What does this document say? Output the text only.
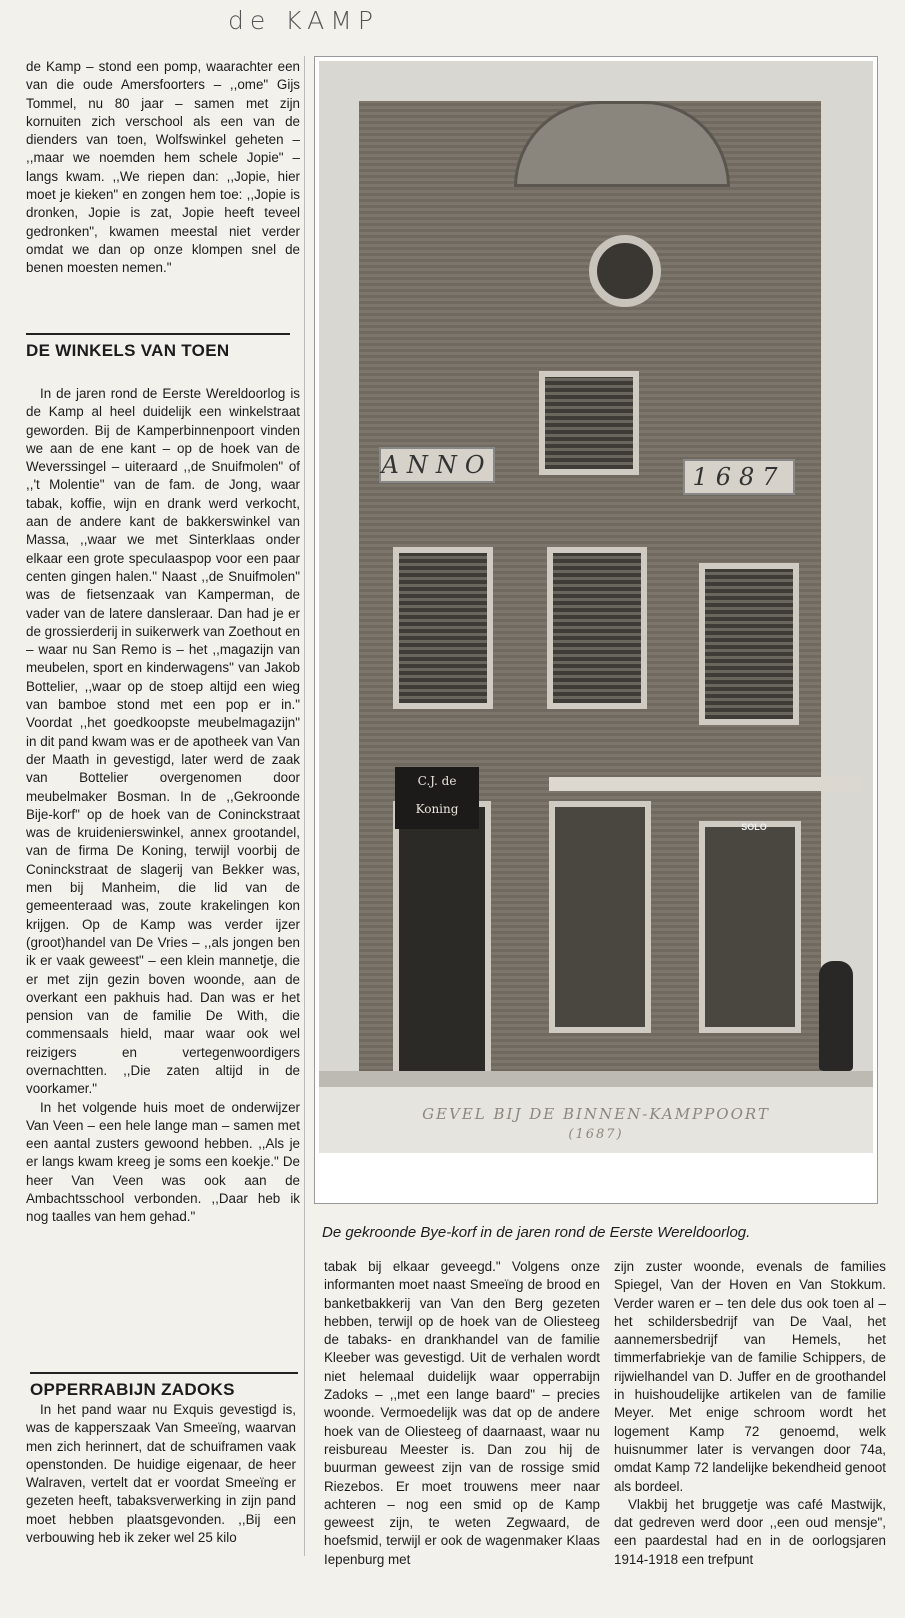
de KAMP

de Kamp – stond een pomp, waarachter een van die oude Amersfoorters – ,,ome" Gijs Tommel, nu 80 jaar – samen met zijn kornuiten zich verschool als een van de dienders van toen, Wolfswinkel geheten – ,,maar we noemden hem schele Jopie" – langs kwam. ,,We riepen dan: ,,Jopie, hier moet je kieken" en zongen hem toe: ,,Jopie is dronken, Jopie is zat, Jopie heeft teveel gedronken", kwamen meestal niet verder omdat we dan op onze klompen snel de benen moesten nemen."

DE WINKELS VAN TOEN

In de jaren rond de Eerste Wereldoorlog is de Kamp al heel duidelijk een winkelstraat geworden. Bij de Kamperbinnenpoort vinden we aan de ene kant – op de hoek van de Weverssingel – uiteraard ,,de Snuifmolen" of ,,'t Molentie" van de fam. de Jong, waar tabak, koffie, wijn en drank werd verkocht, aan de andere kant de bakkerswinkel van Massa, ,,waar we met Sinterklaas onder elkaar een grote speculaaspop voor een paar centen gingen halen." Naast ,,de Snuifmolen" was de fietsenzaak van Kamperman, de vader van de latere dansleraar. Dan had je er de grossierderij in suikerwerk van Zoethout en – waar nu San Remo is – het ,,magazijn van meubelen, sport en kinderwagens" van Jakob Bottelier, ,,waar op de stoep altijd een wieg van bamboe stond met een pop er in." Voordat ,,het goedkoopste meubelmagazijn" in dit pand kwam was er de apotheek van Van der Maath in gevestigd, later werd de zaak van Bottelier overgenomen door meubelmaker Bosman. In de ,,Gekroonde Bije-korf" op de hoek van de Coninckstraat was de kruidenierswinkel, annex grootandel, van de firma De Koning, terwijl voorbij de Coninckstraat de slagerij van Bekker was, men bij Manheim, die lid van de gemeenteraad was, zoute krakelingen kon krijgen. Op de Kamp was verder ijzer (groot)handel van De Vries – ,,als jongen ben ik er vaak geweest" – een klein mannetje, die er met zijn gezin boven woonde, aan de overkant een pakhuis had. Dan was er het pension van de familie De With, die commensaals hield, maar waar ook wel reizigers en vertegenwoordigers overnachtten. ,,Die zaten altijd in de voorkamer."

In het volgende huis moet de onderwijzer Van Veen – een hele lange man – samen met een aantal zusters gewoond hebben. ,,Als je er langs kwam kreeg je soms een koekje." De heer Van Veen was ook aan de Ambachtsschool verbonden. ,,Daar heb ik nog taalles van hem gehad."

OPPERRABIJN ZADOKS

In het pand waar nu Exquis gevestigd is, was de kapperszaak Van Smeeïng, waarvan men zich herinnert, dat de schuiframen vaak openstonden. De huidige eigenaar, de heer Walraven, vertelt dat er voordat Smeeïng er gezeten heeft, tabaksverwerking in zijn pand moet hebben plaatsgevonden. ,,Bij een verbouwing heb ik zeker wel 25 kilo

ANNO	1687
C.J. de Koning
SOLO
GEVEL BIJ DE BINNEN-KAMPPOORT
(1687)
De gekroonde Bye-korf in de jaren rond de Eerste Wereldoorlog.

tabak bij elkaar geveegd." Volgens onze informanten moet naast Smeeïng de brood en banketbakkerij van Van den Berg gezeten hebben, terwijl op de hoek van de Oliesteeg de tabaks- en drankhandel van de familie Kleeber was gevestigd. Uit de verhalen wordt niet helemaal duidelijk waar opperrabijn Zadoks – ,,met een lange baard" – precies woonde. Vermoedelijk was dat op de andere hoek van de Oliesteeg of daarnaast, waar nu reisbureau Meester is. Dan zou hij de buurman geweest zijn van de rossige smid Riezebos. Er moet trouwens meer naar achteren – nog een smid op de Kamp geweest zijn, te weten Zegwaard, de hoefsmid, terwijl er ook de wagenmaker Klaas Iepenburg met

zijn zuster woonde, evenals de families Spiegel, Van der Hoven en Van Stokkum. Verder waren er – ten dele dus ook toen al – het schildersbedrijf van De Vaal, het aannemersbedrijf van Hemels, het timmerfabriekje van de familie Schippers, de rijwielhandel van D. Juffer en de groothandel in huishoudelijke artikelen van de familie Meyer. Met enige schroom wordt het logement Kamp 72 genoemd, welk huisnummer later is vervangen door 74a, omdat Kamp 72 landelijke bekendheid genoot als bordeel.

Vlakbij het bruggetje was café Mastwijk, dat gedreven werd door ,,een oud mensje", een paardestal had en in de oorlogsjaren 1914-1918 een trefpunt
